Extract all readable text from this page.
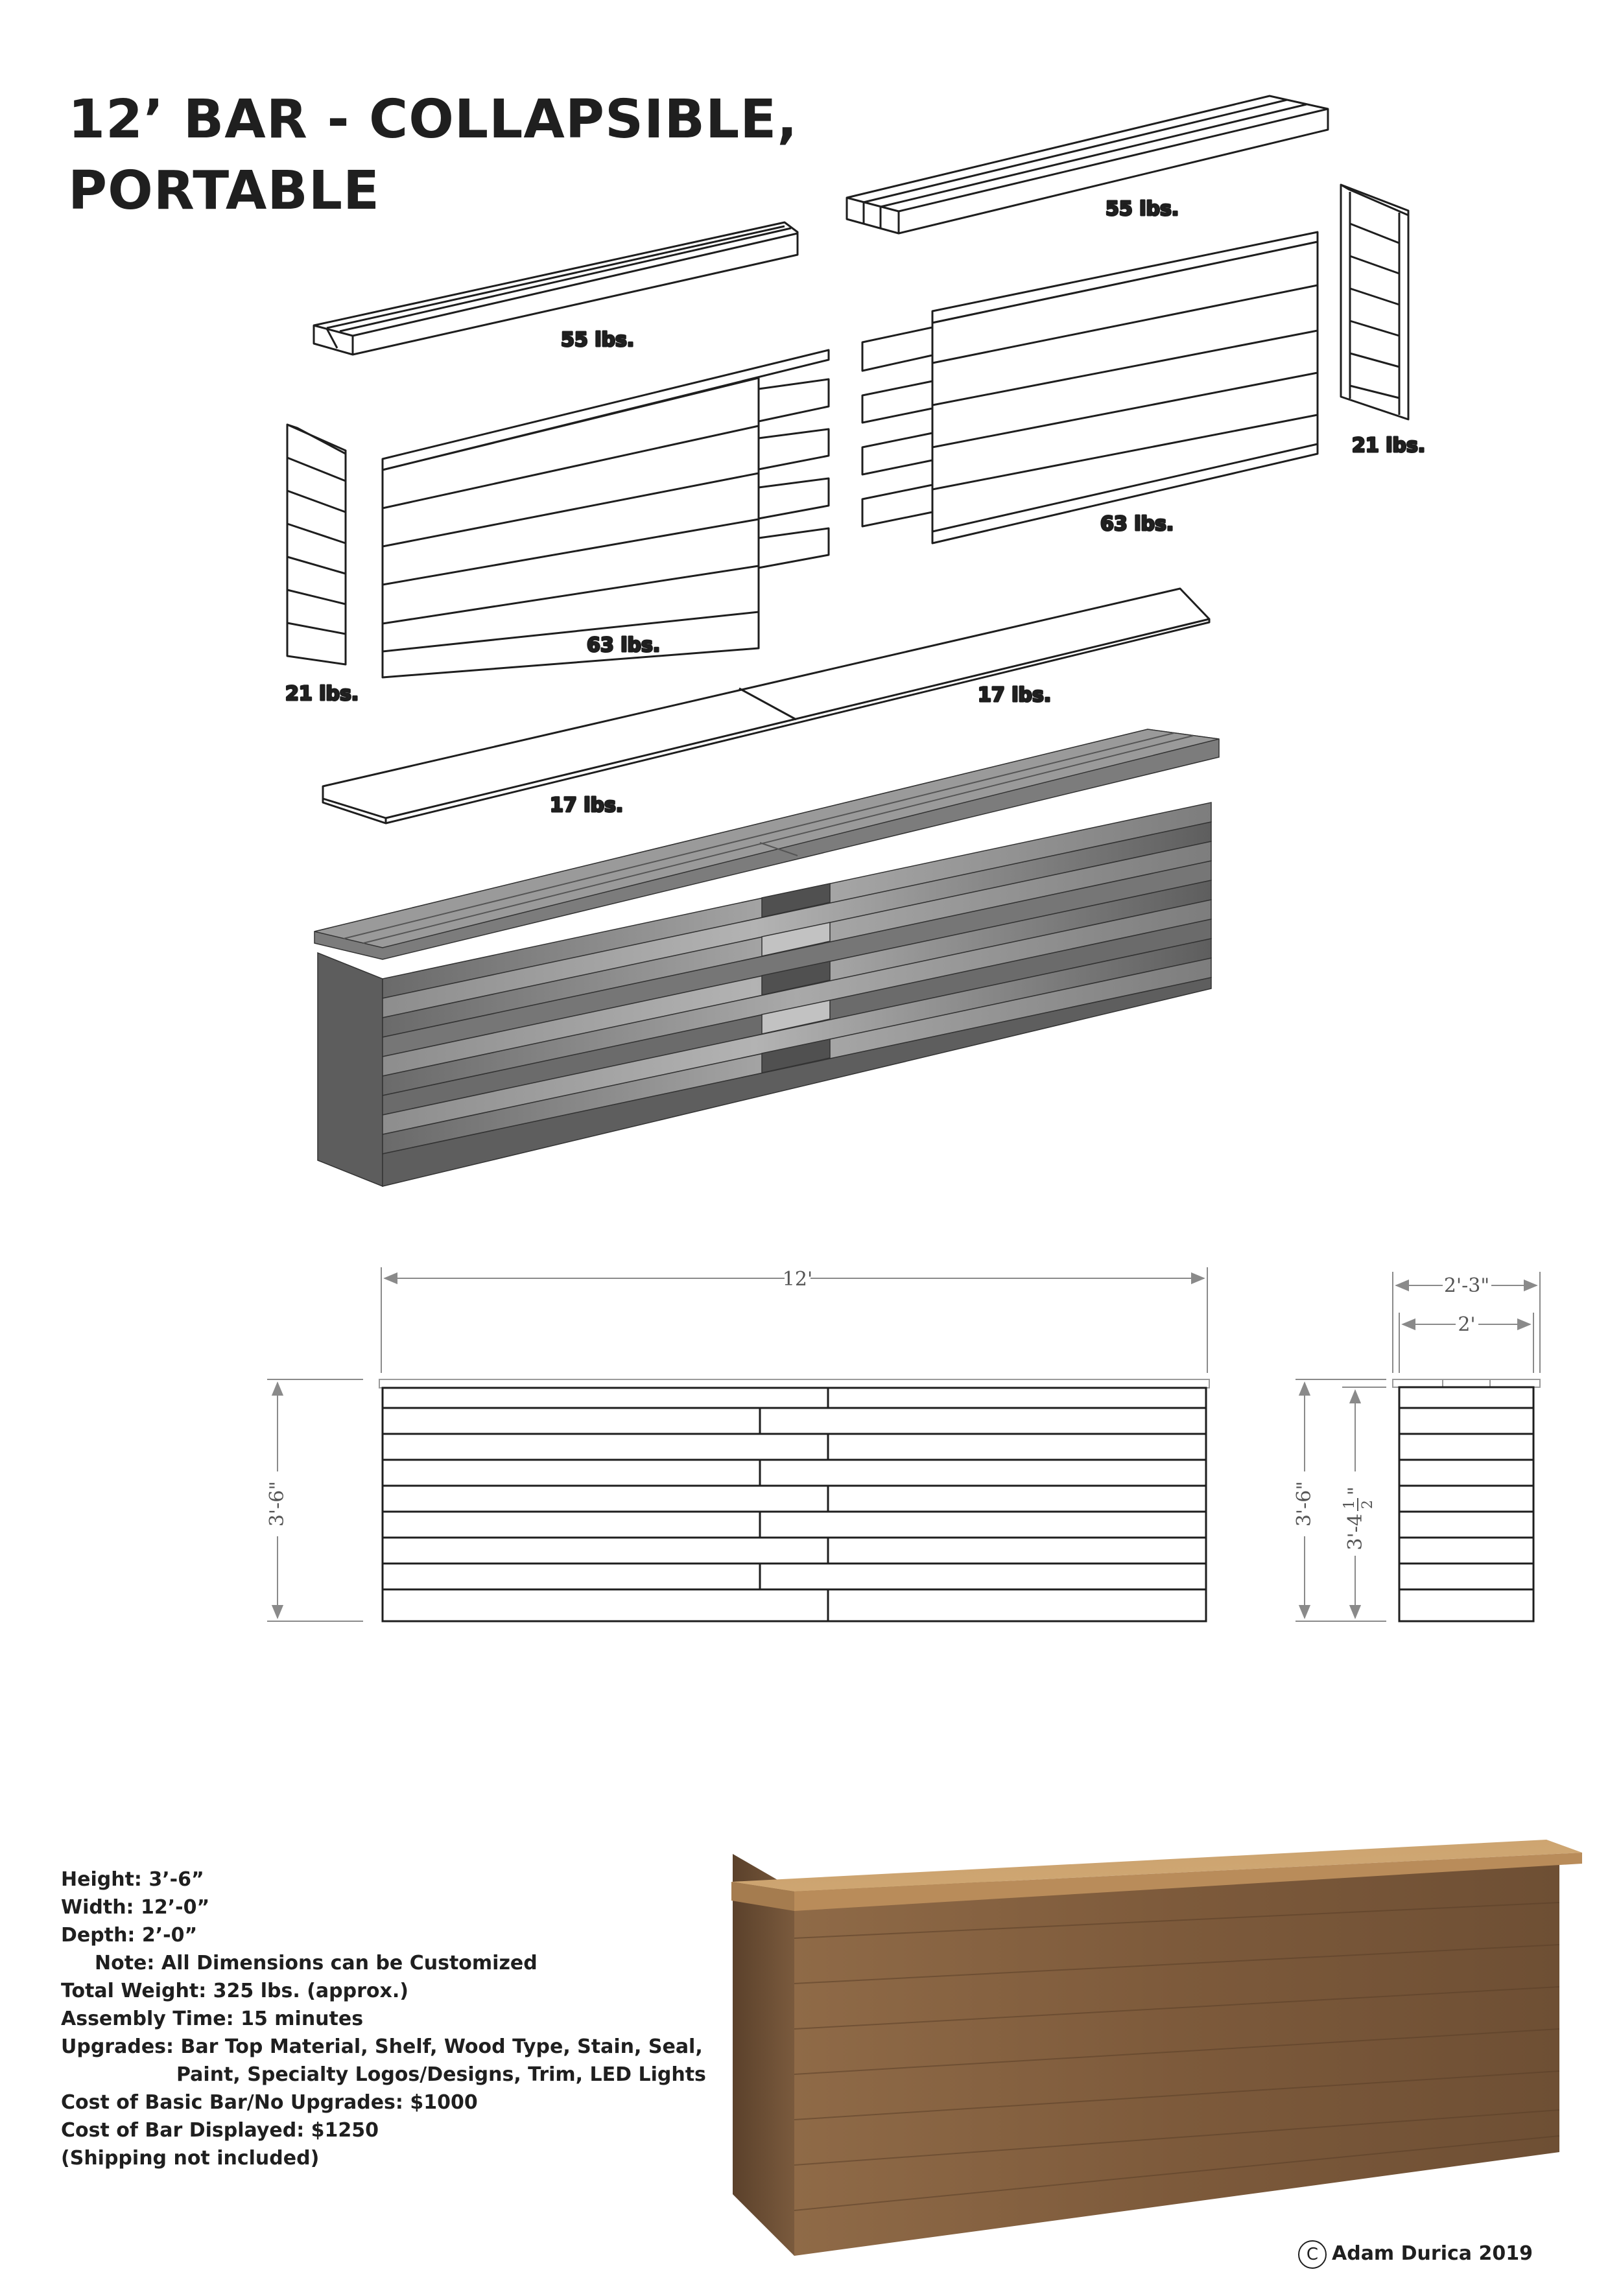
12’ BAR - COLLAPSIBLE,
PORTABLE
55 lbs.
55 lbs.
63 lbs.
21 lbs.
63 lbs.
21 lbs.
17 lbs.
17 lbs.
12'
3'-6"
2'-3"
2'
3'-6"
3'-4
1 2
"
Height: 3’-6”
Width: 12’-0”
Depth: 2’-0”
Note: All Dimensions can be Customized
Total Weight: 325 lbs. (approx.)
Assembly Time: 15 minutes
Upgrades: Bar Top Material, Shelf, Wood Type, Stain, Seal,
Paint, Specialty Logos/Designs, Trim, LED Lights
Cost of Basic Bar/No Upgrades: $1000
Cost of Bar Displayed: $1250
(Shipping not included)
C Adam Durica 2019
